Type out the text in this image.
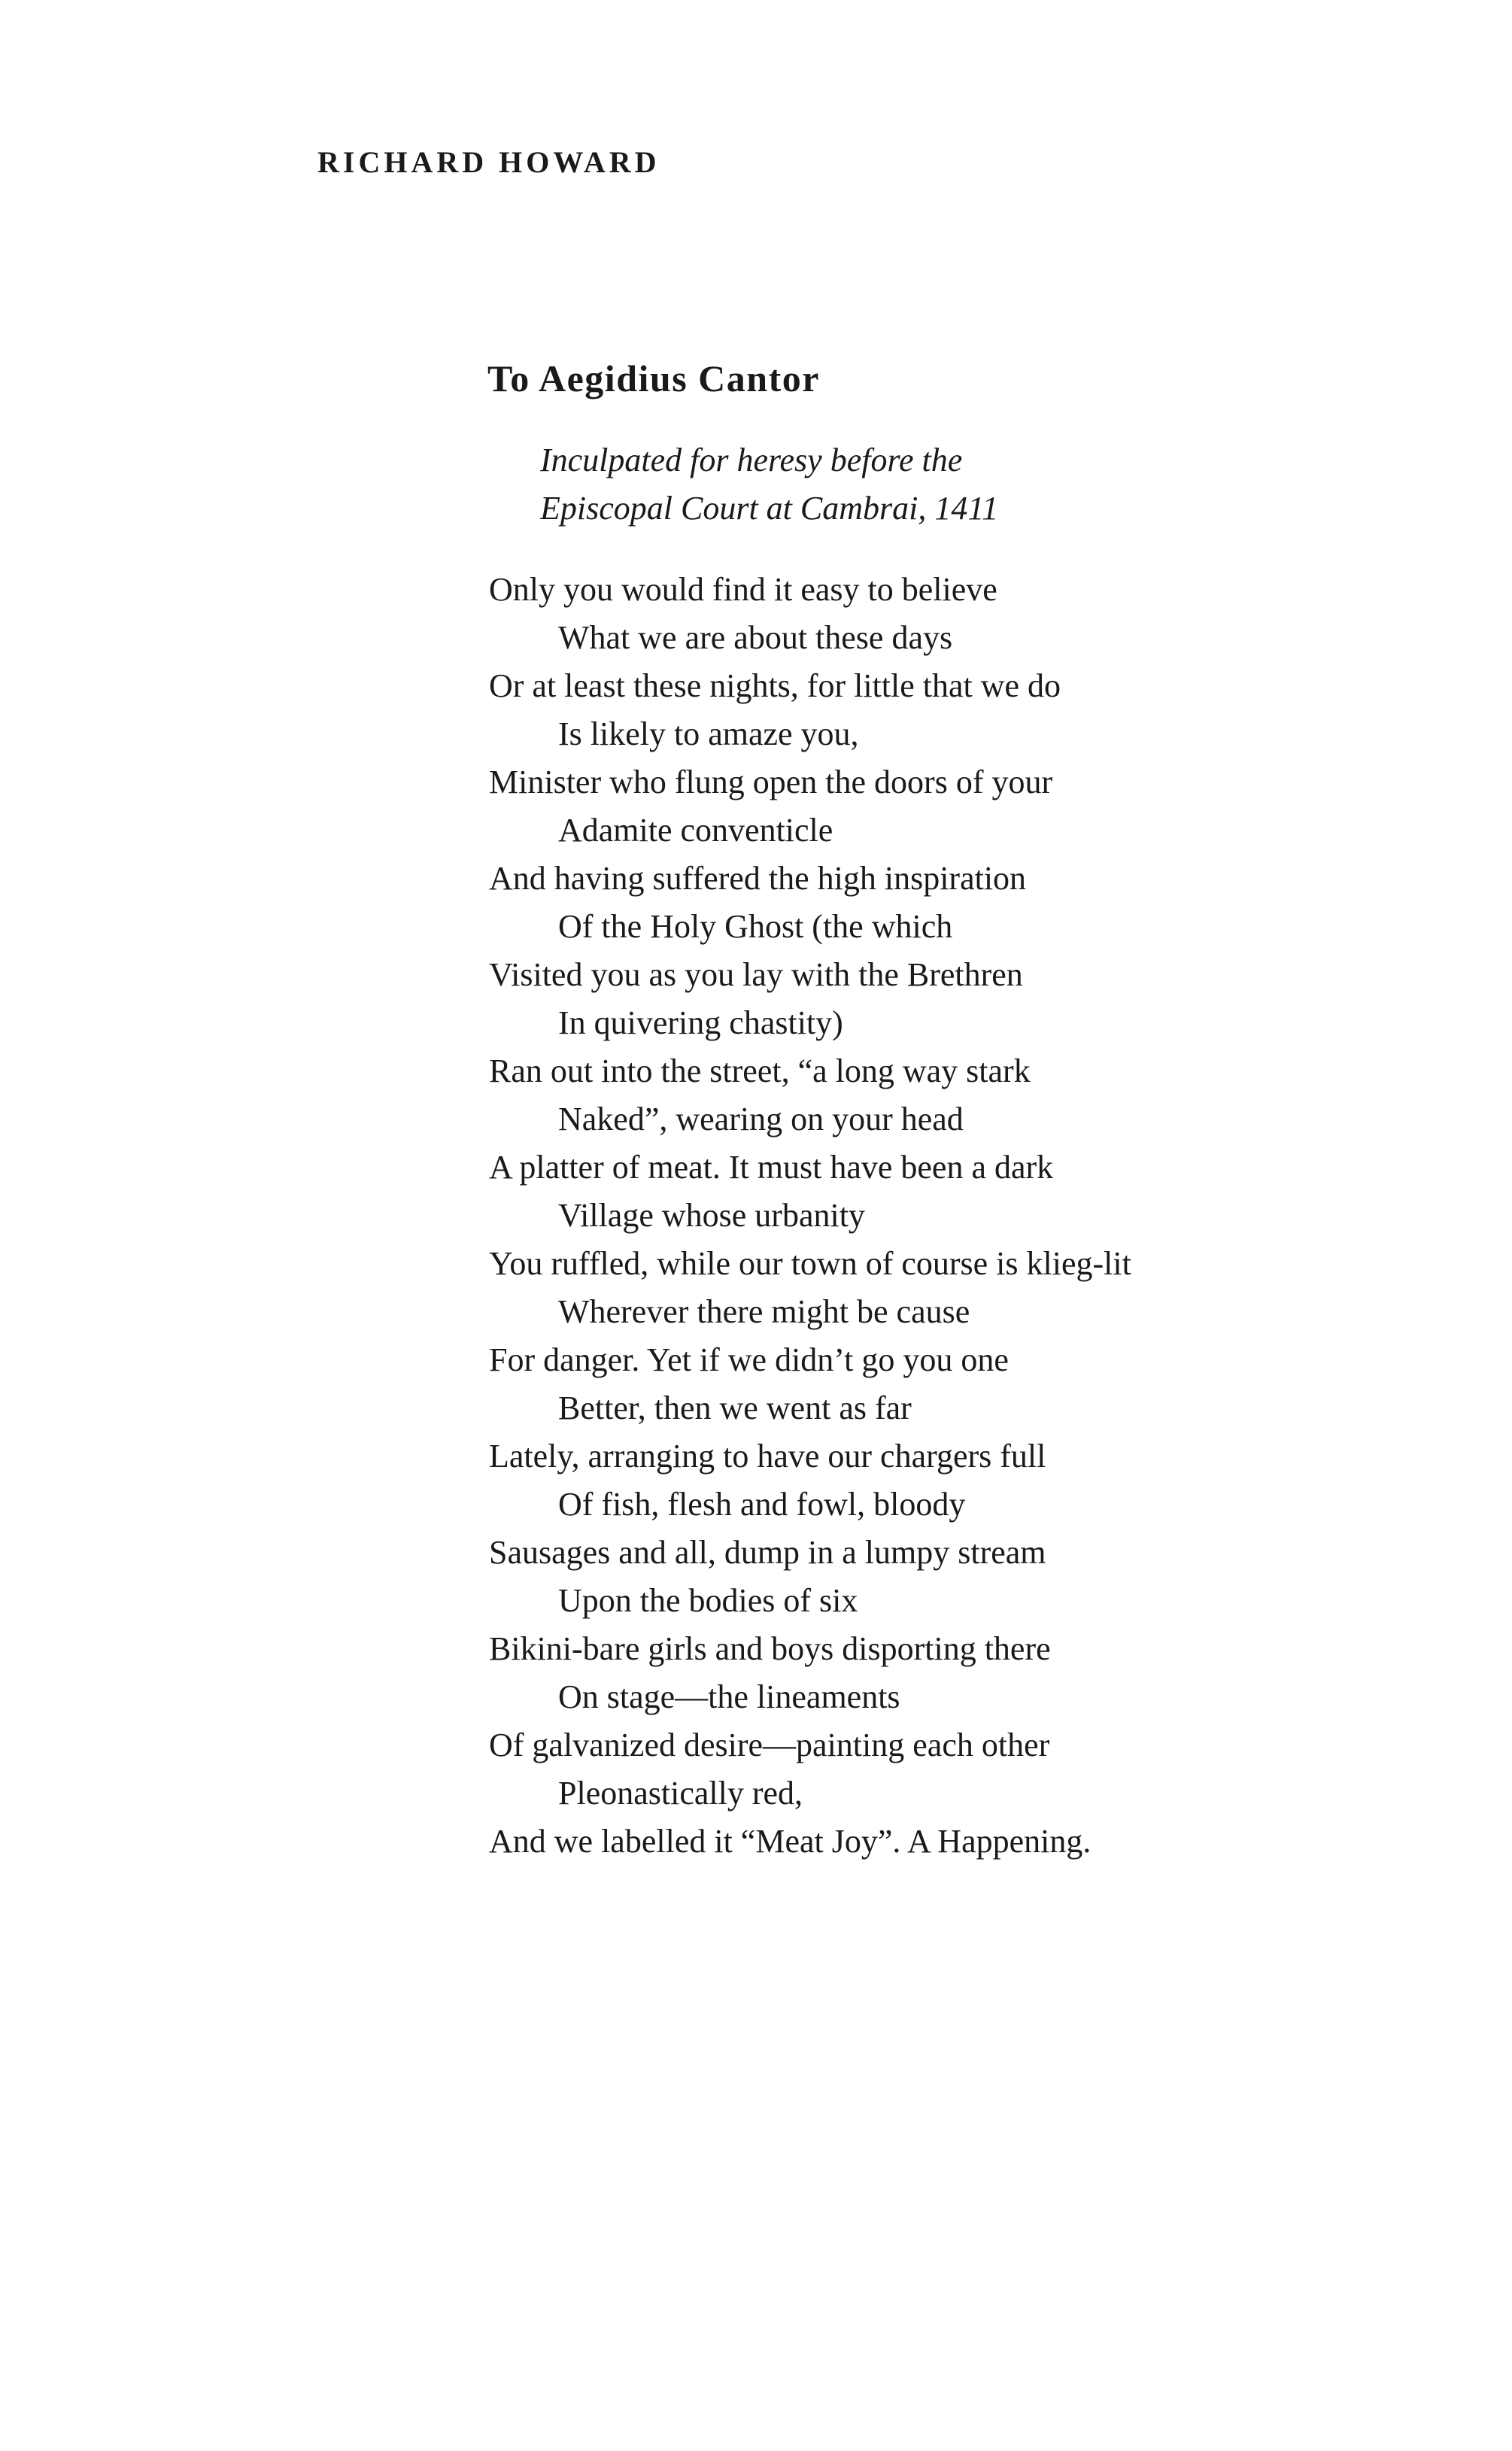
RICHARD HOWARD
To Aegidius Cantor
Inculpated for heresy before the
Episcopal Court at Cambrai, 1411
Only you would find it easy to believe
What we are about these days
Or at least these nights, for little that we do
Is likely to amaze you,
Minister who flung open the doors of your
Adamite conventicle
And having suffered the high inspiration
Of the Holy Ghost (the which
Visited you as you lay with the Brethren
In quivering chastity)
Ran out into the street, “a long way stark
Naked”, wearing on your head
A platter of meat. It must have been a dark
Village whose urbanity
You ruffled, while our town of course is klieg-lit
Wherever there might be cause
For danger. Yet if we didn’t go you one
Better, then we went as far
Lately, arranging to have our chargers full
Of fish, flesh and fowl, bloody
Sausages and all, dump in a lumpy stream
Upon the bodies of six
Bikini-bare girls and boys disporting there
On stage—the lineaments
Of galvanized desire—painting each other
Pleonastically red,
And we labelled it “Meat Joy”. A Happening.
